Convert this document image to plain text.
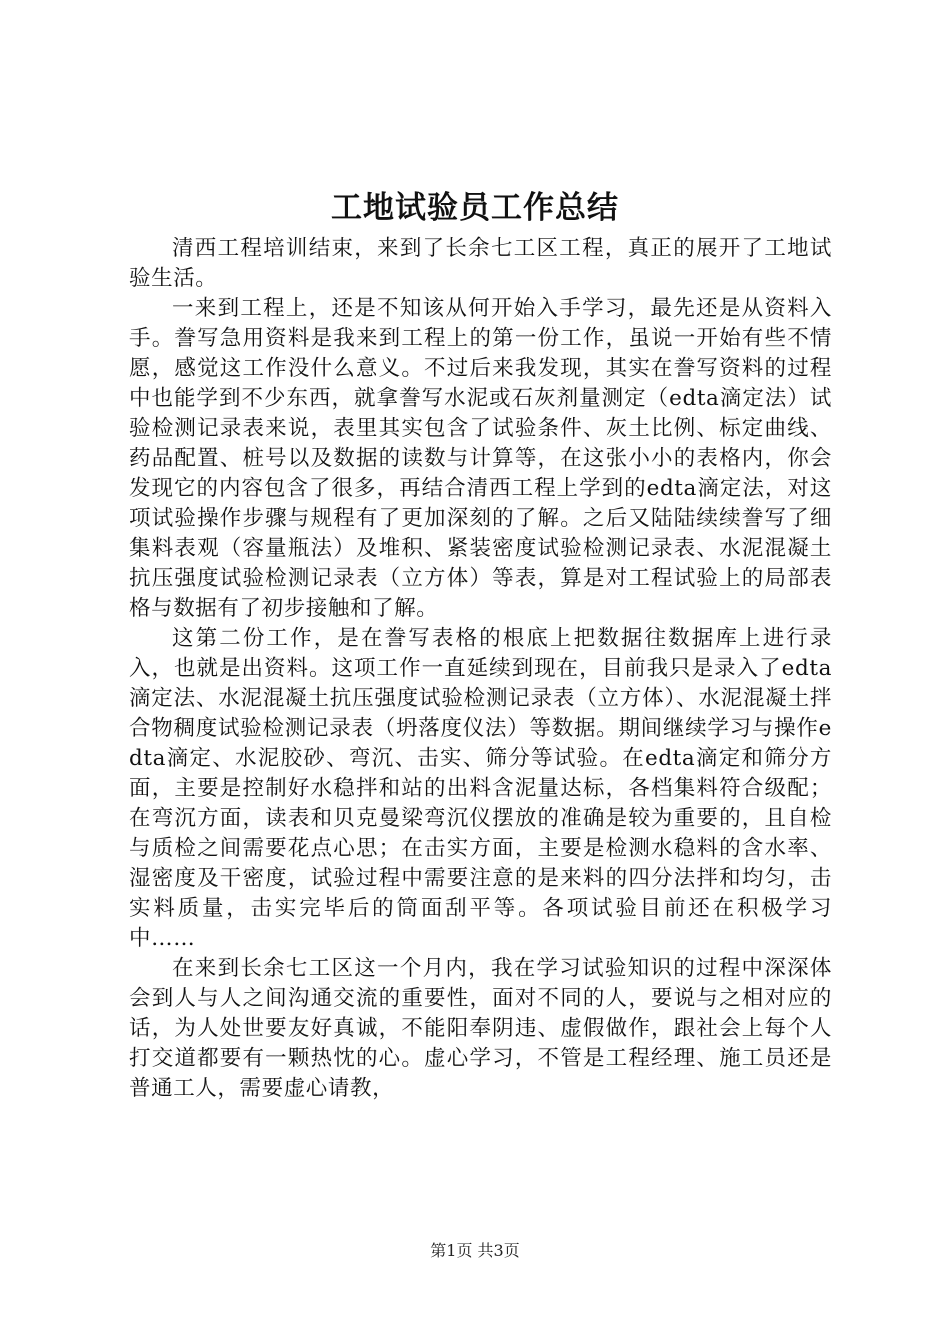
工地试验员工作总结

清西工程培训结束，来到了长余七工区工程，真正的展开了工地试验生活。

一来到工程上，还是不知该从何开始入手学习，最先还是从资料入手。誊写急用资料是我来到工程上的第一份工作，虽说一开始有些不情愿，感觉这工作没什么意义。不过后来我发现，其实在誊写资料的过程中也能学到不少东西，就拿誊写水泥或石灰剂量测定（edta滴定法）试验检测记录表来说，表里其实包含了试验条件、灰土比例、标定曲线、药品配置、桩号以及数据的读数与计算等，在这张小小的表格内，你会发现它的内容包含了很多，再结合清西工程上学到的edta滴定法，对这项试验操作步骤与规程有了更加深刻的了解。之后又陆陆续续誊写了细集料表观（容量瓶法）及堆积、紧装密度试验检测记录表、水泥混凝土抗压强度试验检测记录表（立方体）等表，算是对工程试验上的局部表格与数据有了初步接触和了解。

这第二份工作，是在誊写表格的根底上把数据往数据库上进行录入，也就是出资料。这项工作一直延续到现在，目前我只是录入了edta滴定法、水泥混凝土抗压强度试验检测记录表（立方体）、水泥混凝土拌合物稠度试验检测记录表（坍落度仪法）等数据。期间继续学习与操作edta滴定、水泥胶砂、弯沉、击实、筛分等试验。在edta滴定和筛分方面，主要是控制好水稳拌和站的出料含泥量达标，各档集料符合级配；在弯沉方面，读表和贝克曼梁弯沉仪摆放的准确是较为重要的，且自检与质检之间需要花点心思；在击实方面，主要是检测水稳料的含水率、湿密度及干密度，试验过程中需要注意的是来料的四分法拌和均匀，击实料质量，击实完毕后的筒面刮平等。各项试验目前还在积极学习中……

在来到长余七工区这一个月内，我在学习试验知识的过程中深深体会到人与人之间沟通交流的重要性，面对不同的人，要说与之相对应的话，为人处世要友好真诚，不能阳奉阴违、虚假做作，跟社会上每个人打交道都要有一颗热忱的心。虚心学习，不管是工程经理、施工员还是普通工人，需要虚心请教，

第1页 共3页
